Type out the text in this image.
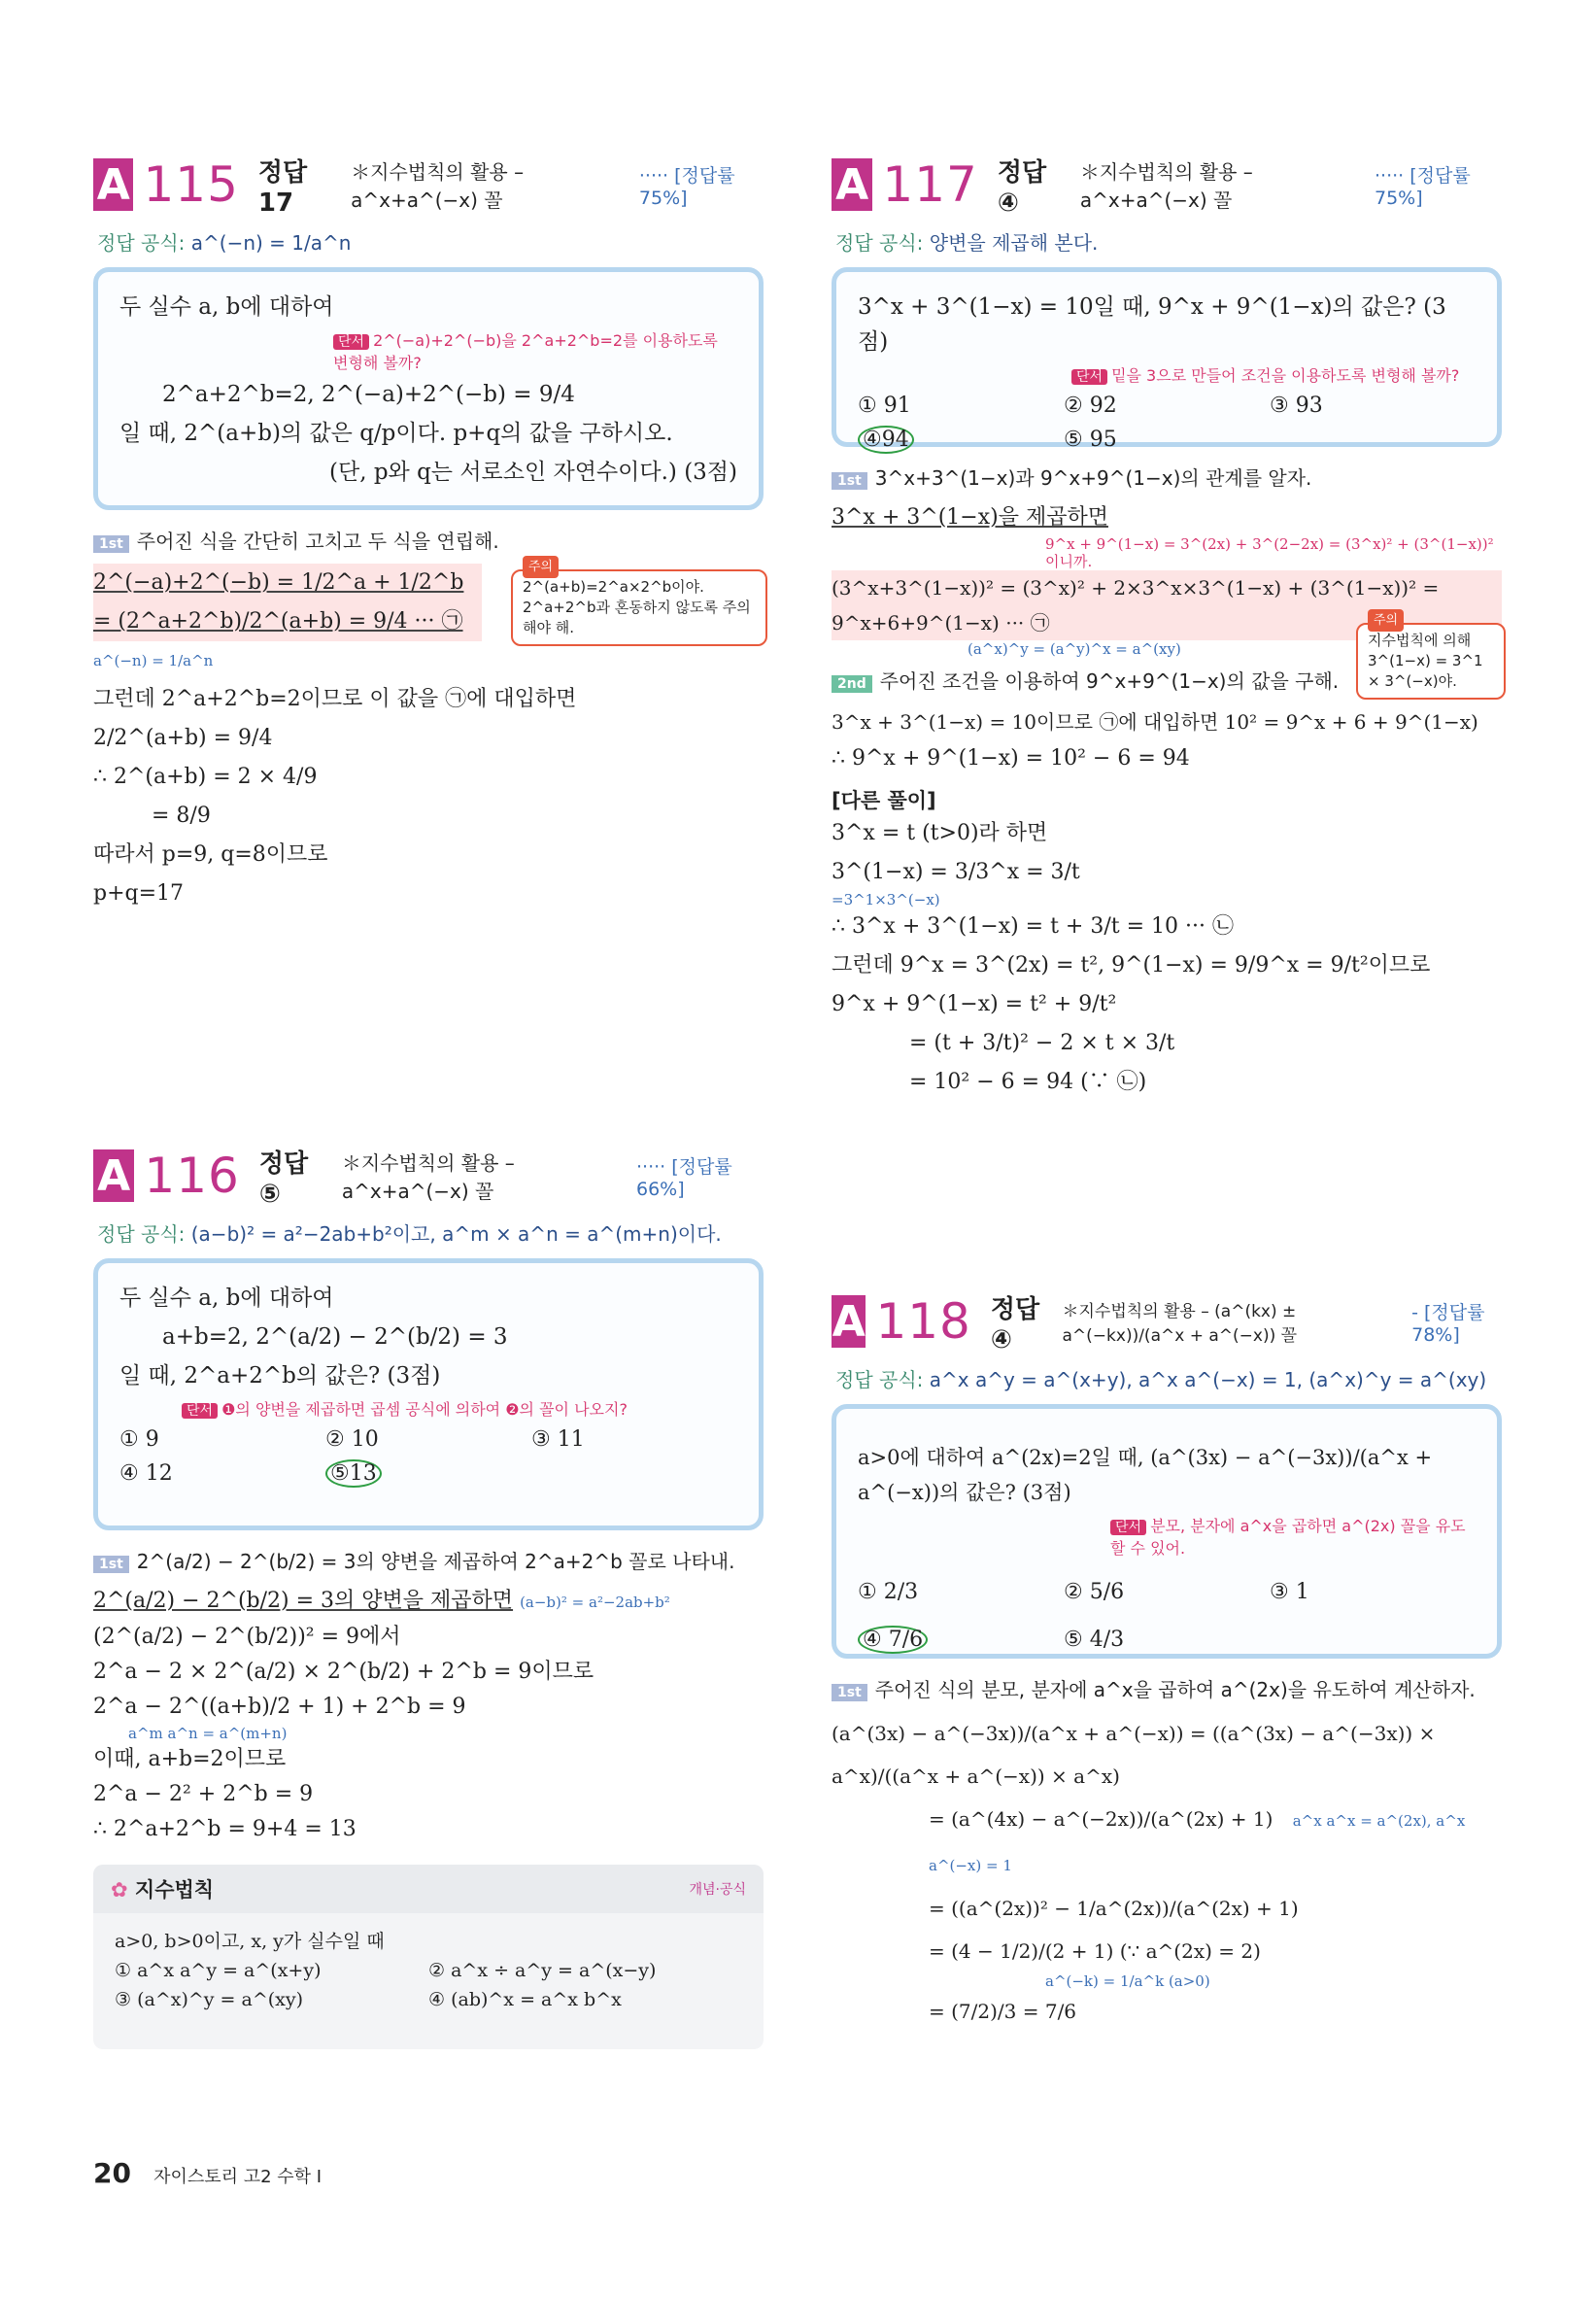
A 115 정답 17
＊지수법칙의 활용 – a^x+a^(−x) 꼴
····· [정답률 75%]
정답 공식: a^(−n) = 1/a^n
두 실수 a, b에 대하여
단서 2^(−a)+2^(−b)을 2^a+2^b=2를 이용하도록 변형해 볼까?
2^a+2^b=2, 2^(−a)+2^(−b) = 9/4
일 때, 2^(a+b)의 값은 q/p이다. p+q의 값을 구하시오.
(단, p와 q는 서로소인 자연수이다.) (3점)
1st 주어진 식을 간단히 고치고 두 식을 연립해.
2^(−a)+2^(−b) = 1/2^a + 1/2^b = (2^a+2^b)/2^(a+b) = 9/4 ··· ㉠
a^(−n) = 1/a^n
그런데 2^a+2^b=2이므로 이 값을 ㉠에 대입하면
2/2^(a+b) = 9/4
∴ 2^(a+b) = 2 × 4/9
= 8/9
따라서 p=9, q=8이므로
p+q=17
주의
2^(a+b)=2^a×2^b이야. 2^a+2^b과 혼동하지 않도록 주의해야 해.
A 116 정답 ⑤
＊지수법칙의 활용 – a^x+a^(−x) 꼴
····· [정답률 66%]
정답 공식: (a−b)² = a²−2ab+b²이고, a^m × a^n = a^(m+n)이다.
두 실수 a, b에 대하여
a+b=2, 2^(a/2) − 2^(b/2) = 3
일 때, 2^a+2^b의 값은? (3점)
단서 ❶의 양변을 제곱하면 곱셈 공식에 의하여 ❷의 꼴이 나오지?
① 9	② 10	③ 11
④ 12	⑤13
1st 2^(a/2) − 2^(b/2) = 3의 양변을 제곱하여 2^a+2^b 꼴로 나타내.
2^(a/2) − 2^(b/2) = 3의 양변을 제곱하면 (a−b)² = a²−2ab+b²
(2^(a/2) − 2^(b/2))² = 9에서
2^a − 2 × 2^(a/2) × 2^(b/2) + 2^b = 9이므로
2^a − 2^((a+b)/2 + 1) + 2^b = 9
a^m a^n = a^(m+n)
이때, a+b=2이므로
2^a − 2² + 2^b = 9
∴ 2^a+2^b = 9+4 = 13
✿ 지수법칙	개념·공식
a>0, b>0이고, x, y가 실수일 때
① a^x a^y = a^(x+y)	② a^x ÷ a^y = a^(x−y)
③ (a^x)^y = a^(xy)	④ (ab)^x = a^x b^x
A 117 정답 ④
＊지수법칙의 활용 – a^x+a^(−x) 꼴
····· [정답률 75%]
정답 공식: 양변을 제곱해 본다.
3^x + 3^(1−x) = 10일 때, 9^x + 9^(1−x)의 값은? (3점)
단서 밑을 3으로 만들어 조건을 이용하도록 변형해 볼까?
① 91	② 92	③ 93
④94	⑤ 95
1st 3^x+3^(1−x)과 9^x+9^(1−x)의 관계를 알자.
3^x + 3^(1−x)을 제곱하면
9^x + 9^(1−x) = 3^(2x) + 3^(2−2x) = (3^x)² + (3^(1−x))²이니까.
(3^x+3^(1−x))² = (3^x)² + 2×3^x×3^(1−x) + (3^(1−x))² = 9^x+6+9^(1−x) ··· ㉠
(a^x)^y = (a^y)^x = a^(xy)
주의
지수법칙에 의해 3^(1−x) = 3^1 × 3^(−x)야.
2nd 주어진 조건을 이용하여 9^x+9^(1−x)의 값을 구해.
3^x + 3^(1−x) = 10이므로 ㉠에 대입하면 10² = 9^x + 6 + 9^(1−x)
∴ 9^x + 9^(1−x) = 10² − 6 = 94
[다른 풀이]
3^x = t (t>0)라 하면
3^(1−x) = 3/3^x = 3/t
=3^1×3^(−x)
∴ 3^x + 3^(1−x) = t + 3/t = 10 ··· ㉡
그런데 9^x = 3^(2x) = t², 9^(1−x) = 9/9^x = 9/t²이므로
9^x + 9^(1−x) = t² + 9/t²
= (t + 3/t)² − 2 × t × 3/t
= 10² − 6 = 94 (∵ ㉡)
A 118 정답 ④
＊지수법칙의 활용 – (a^(kx) ± a^(−kx))/(a^x + a^(−x)) 꼴
- [정답률 78%]
정답 공식: a^x a^y = a^(x+y), a^x a^(−x) = 1, (a^x)^y = a^(xy)
a>0에 대하여 a^(2x)=2일 때, (a^(3x) − a^(−3x))/(a^x + a^(−x))의 값은? (3점)
단서 분모, 분자에 a^x을 곱하면 a^(2x) 꼴을 유도할 수 있어.
① 2/3	② 5/6	③ 1
④ 7/6	⑤ 4/3
1st 주어진 식의 분모, 분자에 a^x을 곱하여 a^(2x)을 유도하여 계산하자.
(a^(3x) − a^(−3x))/(a^x + a^(−x)) = ((a^(3x) − a^(−3x)) × a^x)/((a^x + a^(−x)) × a^x)
= (a^(4x) − a^(−2x))/(a^(2x) + 1) a^x a^x = a^(2x), a^x a^(−x) = 1
= ((a^(2x))² − 1/a^(2x))/(a^(2x) + 1)
= (4 − 1/2)/(2 + 1) (∵ a^(2x) = 2)
a^(−k) = 1/a^k (a>0)
= (7/2)/3 = 7/6
20 자이스토리 고2 수학 I
